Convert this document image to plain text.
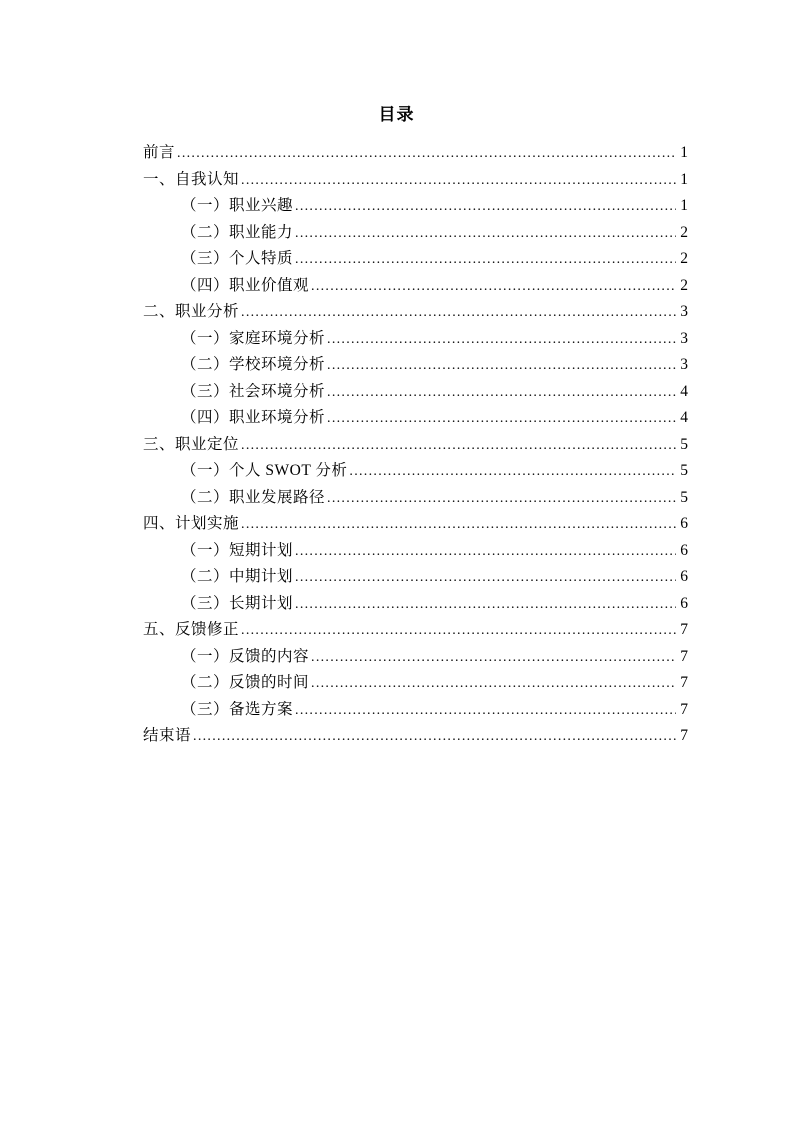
目录
前言 .....	1
一、自我认知 .....	1
（一）职业兴趣 .....	1
（二）职业能力 .....	2
（三）个人特质 .....	2
（四）职业价值观 .....	2
二、职业分析 .....	3
（一）家庭环境分析 .....	3
（二）学校环境分析 .....	3
（三）社会环境分析 .....	4
（四）职业环境分析 .....	4
三、职业定位 .....	5
（一）个人 SWOT 分析 .....	5
（二）职业发展路径 .....	5
四、计划实施 .....	6
（一）短期计划 .....	6
（二）中期计划 .....	6
（三）长期计划 .....	6
五、反馈修正 .....	7
（一）反馈的内容 .....	7
（二）反馈的时间 .....	7
（三）备选方案 .....	7
结束语 .....	7
